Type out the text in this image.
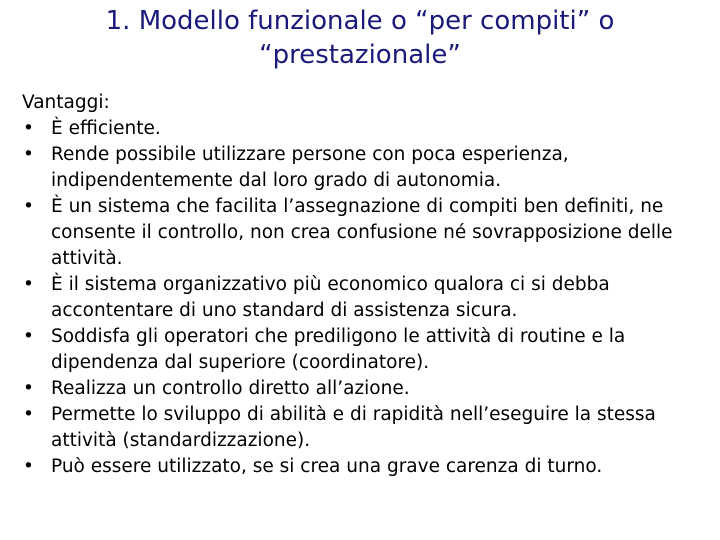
1. Modello funzionale o “per compiti” o
“prestazionale”

Vantaggi:

• È efficiente.
• Rende possibile utilizzare persone con poca esperienza, indipendentemente dal loro grado di autonomia.
• È un sistema che facilita l’assegnazione di compiti ben definiti, ne consente il controllo, non crea confusione né sovrapposizione delle attività.
• È il sistema organizzativo più economico qualora ci si debba accontentare di uno standard di assistenza sicura.
• Soddisfa gli operatori che prediligono le attività di routine e la dipendenza dal superiore (coordinatore).
• Realizza un controllo diretto all’azione.
• Permette lo sviluppo di abilità e di rapidità nell’eseguire la stessa attività (standardizzazione).
• Può essere utilizzato, se si crea una grave carenza di turno.
